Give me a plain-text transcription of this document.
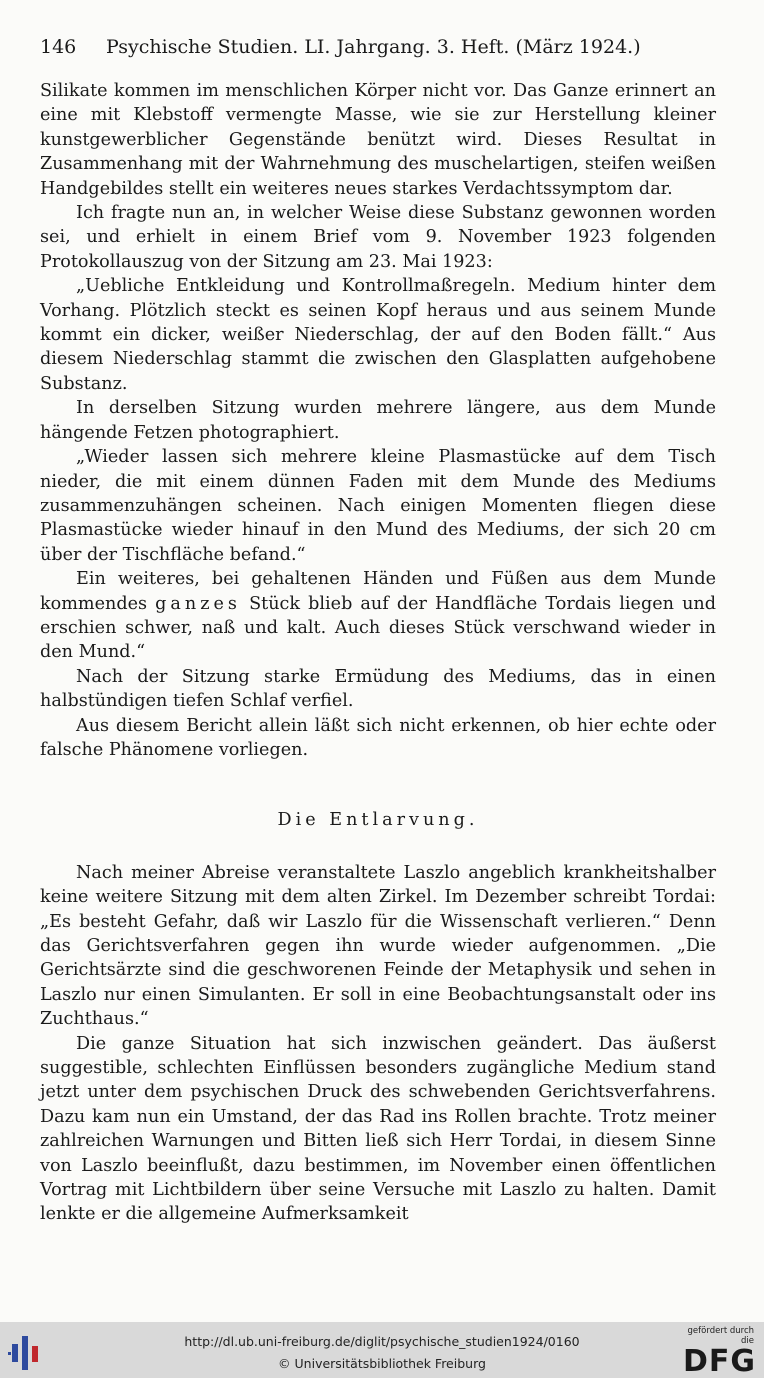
146 Psychische Studien. LI. Jahrgang. 3. Heft. (März 1924.)

Silikate kommen im menschlichen Körper nicht vor. Das Ganze erinnert an eine mit Klebstoff vermengte Masse, wie sie zur Herstellung kleiner kunstgewerblicher Gegenstände benützt wird. Dieses Resultat in Zusammenhang mit der Wahrnehmung des muschelartigen, steifen weißen Handgebildes stellt ein weiteres neues starkes Verdachtssymptom dar.

Ich fragte nun an, in welcher Weise diese Substanz gewonnen worden sei, und erhielt in einem Brief vom 9. November 1923 folgenden Protokollauszug von der Sitzung am 23. Mai 1923:

„Uebliche Entkleidung und Kontrollmaßregeln. Medium hinter dem Vorhang. Plötzlich steckt es seinen Kopf heraus und aus seinem Munde kommt ein dicker, weißer Niederschlag, der auf den Boden fällt.“ Aus diesem Niederschlag stammt die zwischen den Glasplatten aufgehobene Substanz.

In derselben Sitzung wurden mehrere längere, aus dem Munde hängende Fetzen photographiert.

„Wieder lassen sich mehrere kleine Plasmastücke auf dem Tisch nieder, die mit einem dünnen Faden mit dem Munde des Mediums zusammenzuhängen scheinen. Nach einigen Momenten fliegen diese Plasmastücke wieder hinauf in den Mund des Mediums, der sich 20 cm über der Tischfläche befand.“

Ein weiteres, bei gehaltenen Händen und Füßen aus dem Munde kommendes ganzes Stück blieb auf der Handfläche Tordais liegen und erschien schwer, naß und kalt. Auch dieses Stück verschwand wieder in den Mund.“

Nach der Sitzung starke Ermüdung des Mediums, das in einen halbstündigen tiefen Schlaf verfiel.

Aus diesem Bericht allein läßt sich nicht erkennen, ob hier echte oder falsche Phänomene vorliegen.

Die Entlarvung.

Nach meiner Abreise veranstaltete Laszlo angeblich krankheitshalber keine weitere Sitzung mit dem alten Zirkel. Im Dezember schreibt Tordai: „Es besteht Gefahr, daß wir Laszlo für die Wissenschaft verlieren.“ Denn das Gerichtsverfahren gegen ihn wurde wieder aufgenommen. „Die Gerichtsärzte sind die geschworenen Feinde der Metaphysik und sehen in Laszlo nur einen Simulanten. Er soll in eine Beobachtungsanstalt oder ins Zuchthaus.“

Die ganze Situation hat sich inzwischen geändert. Das äußerst suggestible, schlechten Einflüssen besonders zugängliche Medium stand jetzt unter dem psychischen Druck des schwebenden Gerichtsverfahrens. Dazu kam nun ein Umstand, der das Rad ins Rollen brachte. Trotz meiner zahlreichen Warnungen und Bitten ließ sich Herr Tordai, in diesem Sinne von Laszlo beeinflußt, dazu bestimmen, im November einen öffentlichen Vortrag mit Lichtbildern über seine Versuche mit Laszlo zu halten. Damit lenkte er die allgemeine Aufmerksamkeit

http://dl.ub.uni-freiburg.de/diglit/psychische_studien1924/0160
© Universitätsbibliothek Freiburg
gefördert durch die
DFG
